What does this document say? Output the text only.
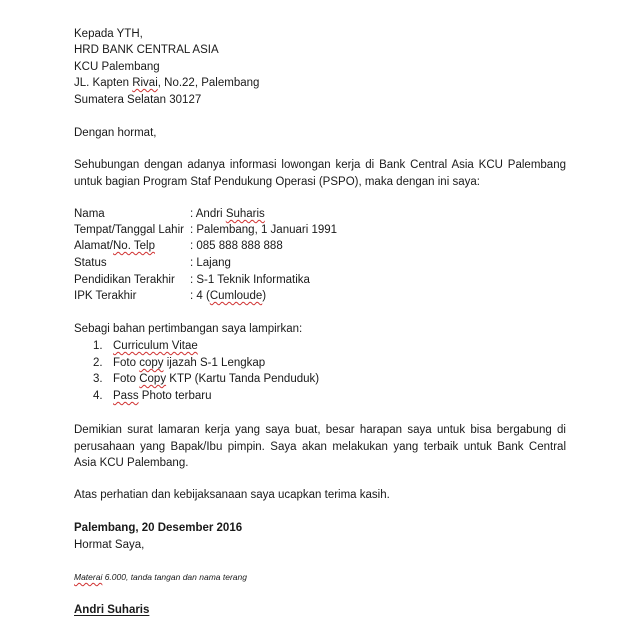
Kepada YTH,
HRD BANK CENTRAL ASIA
KCU Palembang
JL. Kapten Rivai, No.22, Palembang
Sumatera Selatan 30127
Dengan hormat,
Sehubungan dengan adanya informasi lowongan kerja di Bank Central Asia KCU Palembang untuk bagian Program Staf Pendukung Operasi (PSPO), maka dengan ini saya:
Nama	: Andri Suharis
Tempat/Tanggal Lahir : Palembang, 1 Januari 1991
Alamat/No. Telp	: 085 888 888 888
Status	: Lajang
Pendidikan Terakhir : S-1 Teknik Informatika
IPK Terakhir	: 4 (Cumloude)
Sebagi bahan pertimbangan saya lampirkan:
1. Curriculum Vitae
2. Foto copy ijazah S-1 Lengkap
3. Foto Copy KTP (Kartu Tanda Penduduk)
4. Pass Photo terbaru
Demikian surat lamaran kerja yang saya buat, besar harapan saya untuk bisa bergabung di perusahaan yang Bapak/Ibu pimpin. Saya akan melakukan yang terbaik untuk Bank Central Asia KCU Palembang.
Atas perhatian dan kebijaksanaan saya ucapkan terima kasih.
Palembang, 20 Desember 2016
Hormat Saya,
Materai 6.000, tanda tangan dan nama terang
Andri Suharis
